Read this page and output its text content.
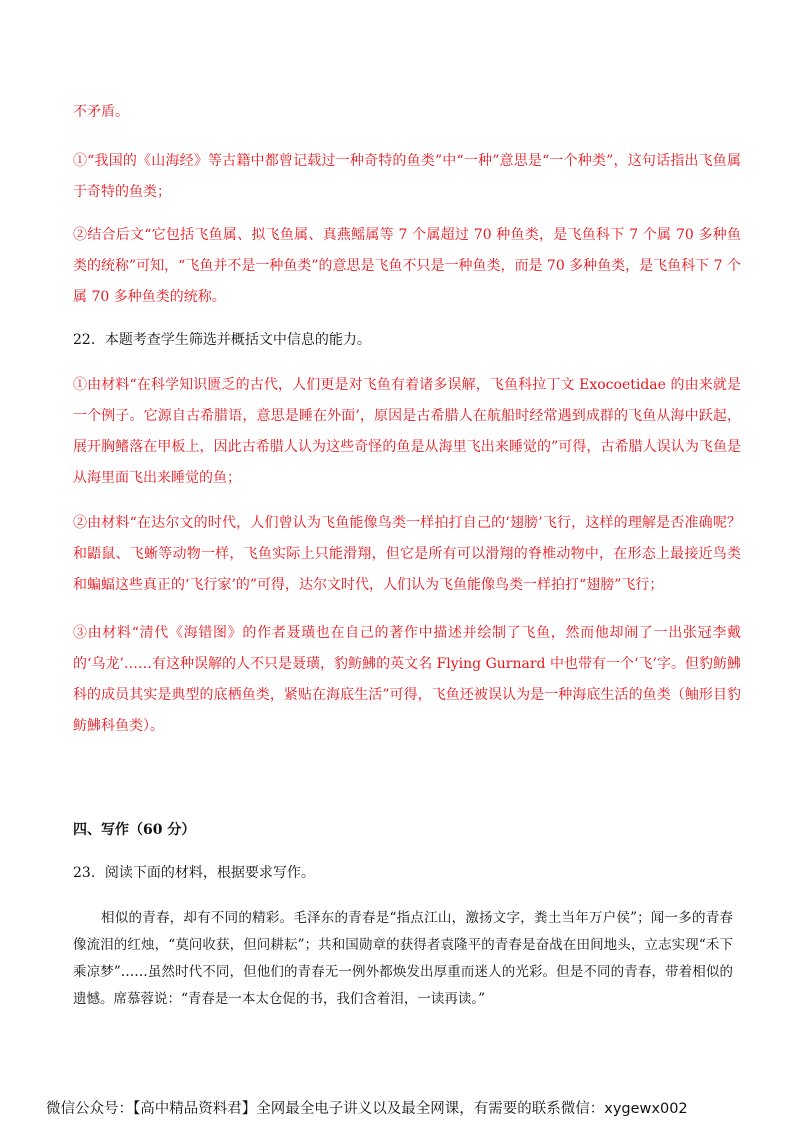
不矛盾。

①“我国的《山海经》等古籍中都曾记载过一种奇特的鱼类”中“一种”意思是“一个种类”，这句话指出飞鱼属于奇特的鱼类；

②结合后文“它包括飞鱼属、拟飞鱼属、真燕鳐属等 7 个属超过 70 种鱼类，是飞鱼科下 7 个属 70 多种鱼类的统称”可知，“飞鱼并不是一种鱼类”的意思是飞鱼不只是一种鱼类，而是 70 多种鱼类，是飞鱼科下 7 个属 70 多种鱼类的统称。

22．本题考查学生筛选并概括文中信息的能力。

①由材料“在科学知识匮乏的古代，人们更是对飞鱼有着诸多误解，飞鱼科拉丁文 Exocoetidae 的由来就是一个例子。它源自古希腊语，意思是睡在外面’，原因是古希腊人在航船时经常遇到成群的飞鱼从海中跃起，展开胸鳍落在甲板上，因此古希腊人认为这些奇怪的鱼是从海里飞出来睡觉的”可得，古希腊人误认为飞鱼是从海里面飞出来睡觉的鱼；

②由材料“在达尔文的时代，人们曾认为飞鱼能像鸟类一样拍打自己的‘翅膀’飞行，这样的理解是否准确呢？和鼯鼠、飞蜥等动物一样，飞鱼实际上只能滑翔，但它是所有可以滑翔的脊椎动物中，在形态上最接近鸟类和蝙蝠这些真正的‘飞行家’的”可得，达尔文时代，人们认为飞鱼能像鸟类一样拍打“翅膀”飞行；

③由材料“清代《海错图》的作者聂璜也在自己的著作中描述并绘制了飞鱼，然而他却闹了一出张冠李戴的‘乌龙’……有这种误解的人不只是聂璜，豹鲂鮄的英文名 Flying Gurnard 中也带有一个‘飞’字。但豹鲂鮄科的成员其实是典型的底栖鱼类，紧贴在海底生活”可得，飞鱼还被误认为是一种海底生活的鱼类（鲉形目豹鲂鮄科鱼类）。

四、写作（60 分）

23．阅读下面的材料，根据要求写作。

相似的青春，却有不同的精彩。毛泽东的青春是“指点江山，激扬文字，粪土当年万户侯”；闻一多的青春像流泪的红烛，“莫问收获，但问耕耘”；共和国勋章的获得者袁隆平的青春是奋战在田间地头，立志实现“禾下乘凉梦”……虽然时代不同，但他们的青春无一例外都焕发出厚重而迷人的光彩。但是不同的青春，带着相似的遗憾。席慕蓉说：“青春是一本太仓促的书，我们含着泪，一读再读。”

微信公众号：【高中精品资料君】全网最全电子讲义以及最全网课，有需要的联系微信：xygewx002
